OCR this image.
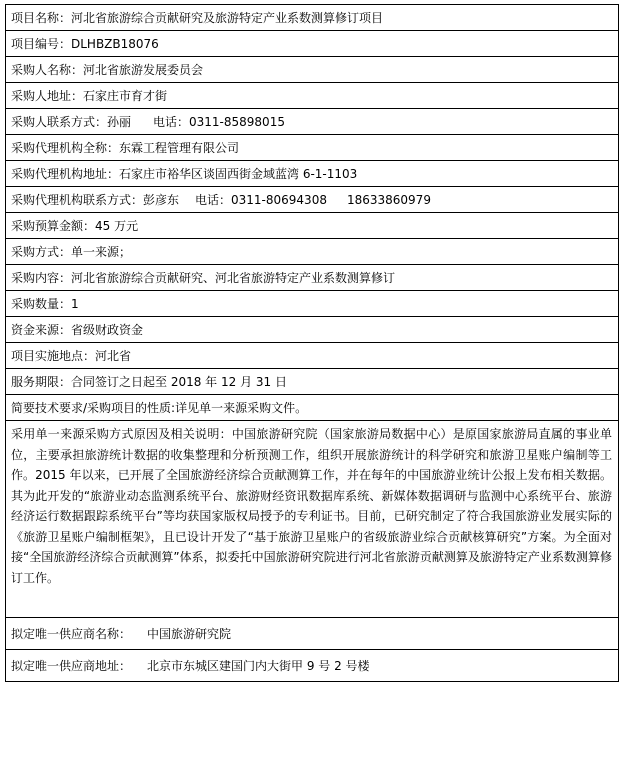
项目名称：河北省旅游综合贡献研究及旅游特定产业系数测算修订项目
项目编号：DLHBZB18076
采购人名称：河北省旅游发展委员会
采购人地址：石家庄市育才街
采购人联系方式：孙丽 电话：0311-85898015
采购代理机构全称：东霖工程管理有限公司
采购代理机构地址：石家庄市裕华区谈固西街金域蓝湾 6-1-1103
采购代理机构联系方式：彭彦东 电话：0311-80694308 18633860979
采购预算金额：45 万元
采购方式：单一来源；
采购内容：河北省旅游综合贡献研究、河北省旅游特定产业系数测算修订
采购数量：1
资金来源：省级财政资金
项目实施地点：河北省
服务期限：合同签订之日起至 2018 年 12 月 31 日
简要技术要求/采购项目的性质:详见单一来源采购文件。
采用单一来源采购方式原因及相关说明：中国旅游研究院（国家旅游局数据中心）是原国家旅游局直属的事业单位，主要承担旅游统计数据的收集整理和分析预测工作，组织开展旅游统计的科学研究和旅游卫星账户编制等工作。2015 年以来，已开展了全国旅游经济综合贡献测算工作，并在每年的中国旅游业统计公报上发布相关数据。其为此开发的“旅游业动态监测系统平台、旅游财经资讯数据库系统、新媒体数据调研与监测中心系统平台、旅游经济运行数据跟踪系统平台”等均获国家版权局授予的专利证书。目前，已研究制定了符合我国旅游业发展实际的《旅游卫星账户编制框架》，且已设计开发了“基于旅游卫星账户的省级旅游业综合贡献核算研究”方案。为全面对接“全国旅游经济综合贡献测算”体系，拟委托中国旅游研究院进行河北省旅游贡献测算及旅游特定产业系数测算修订工作。
拟定唯一供应商名称： 中国旅游研究院
拟定唯一供应商地址： 北京市东城区建国门内大街甲 9 号 2 号楼
